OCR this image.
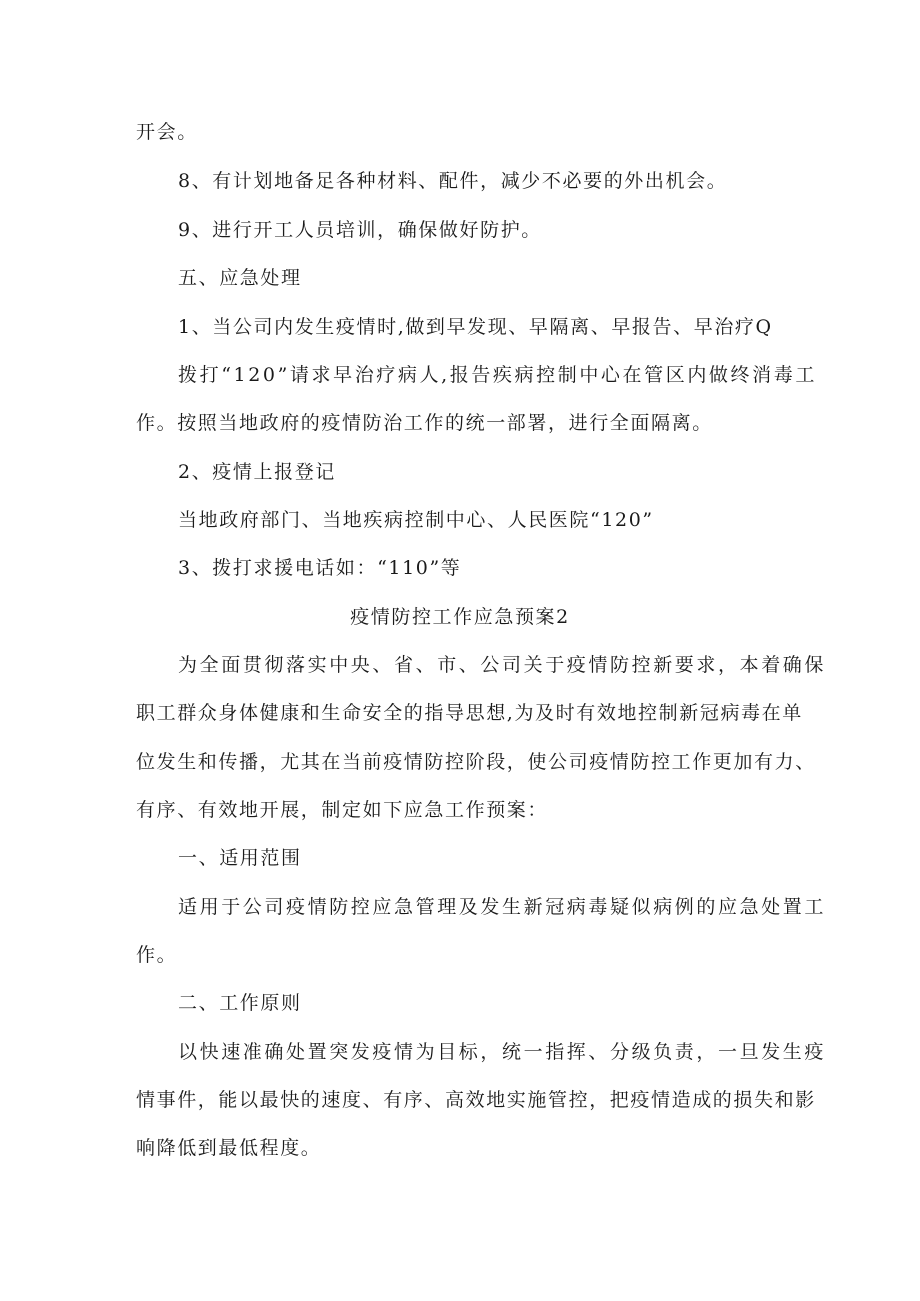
开会。
8、有计划地备足各种材料、配件，减少不必要的外出机会。
9、进行开工人员培训，确保做好防护。
五、应急处理
1、当公司内发生疫情时,做到早发现、早隔离、早报告、早治疗Q
拨打“120”请求早治疗病人,报告疾病控制中心在管区内做终消毒工
作。按照当地政府的疫情防治工作的统一部署，进行全面隔离。
2、疫情上报登记
当地政府部门、当地疾病控制中心、人民医院“120”
3、拨打求援电话如：“110”等
疫情防控工作应急预案2
为全面贯彻落实中央、省、市、公司关于疫情防控新要求，本着确保
职工群众身体健康和生命安全的指导思想,为及时有效地控制新冠病毒在单
位发生和传播，尤其在当前疫情防控阶段，使公司疫情防控工作更加有力、
有序、有效地开展，制定如下应急工作预案：
一、适用范围
适用于公司疫情防控应急管理及发生新冠病毒疑似病例的应急处置工
作。
二、工作原则
以快速准确处置突发疫情为目标，统一指挥、分级负责，一旦发生疫
情事件，能以最快的速度、有序、高效地实施管控，把疫情造成的损失和影
响降低到最低程度。
